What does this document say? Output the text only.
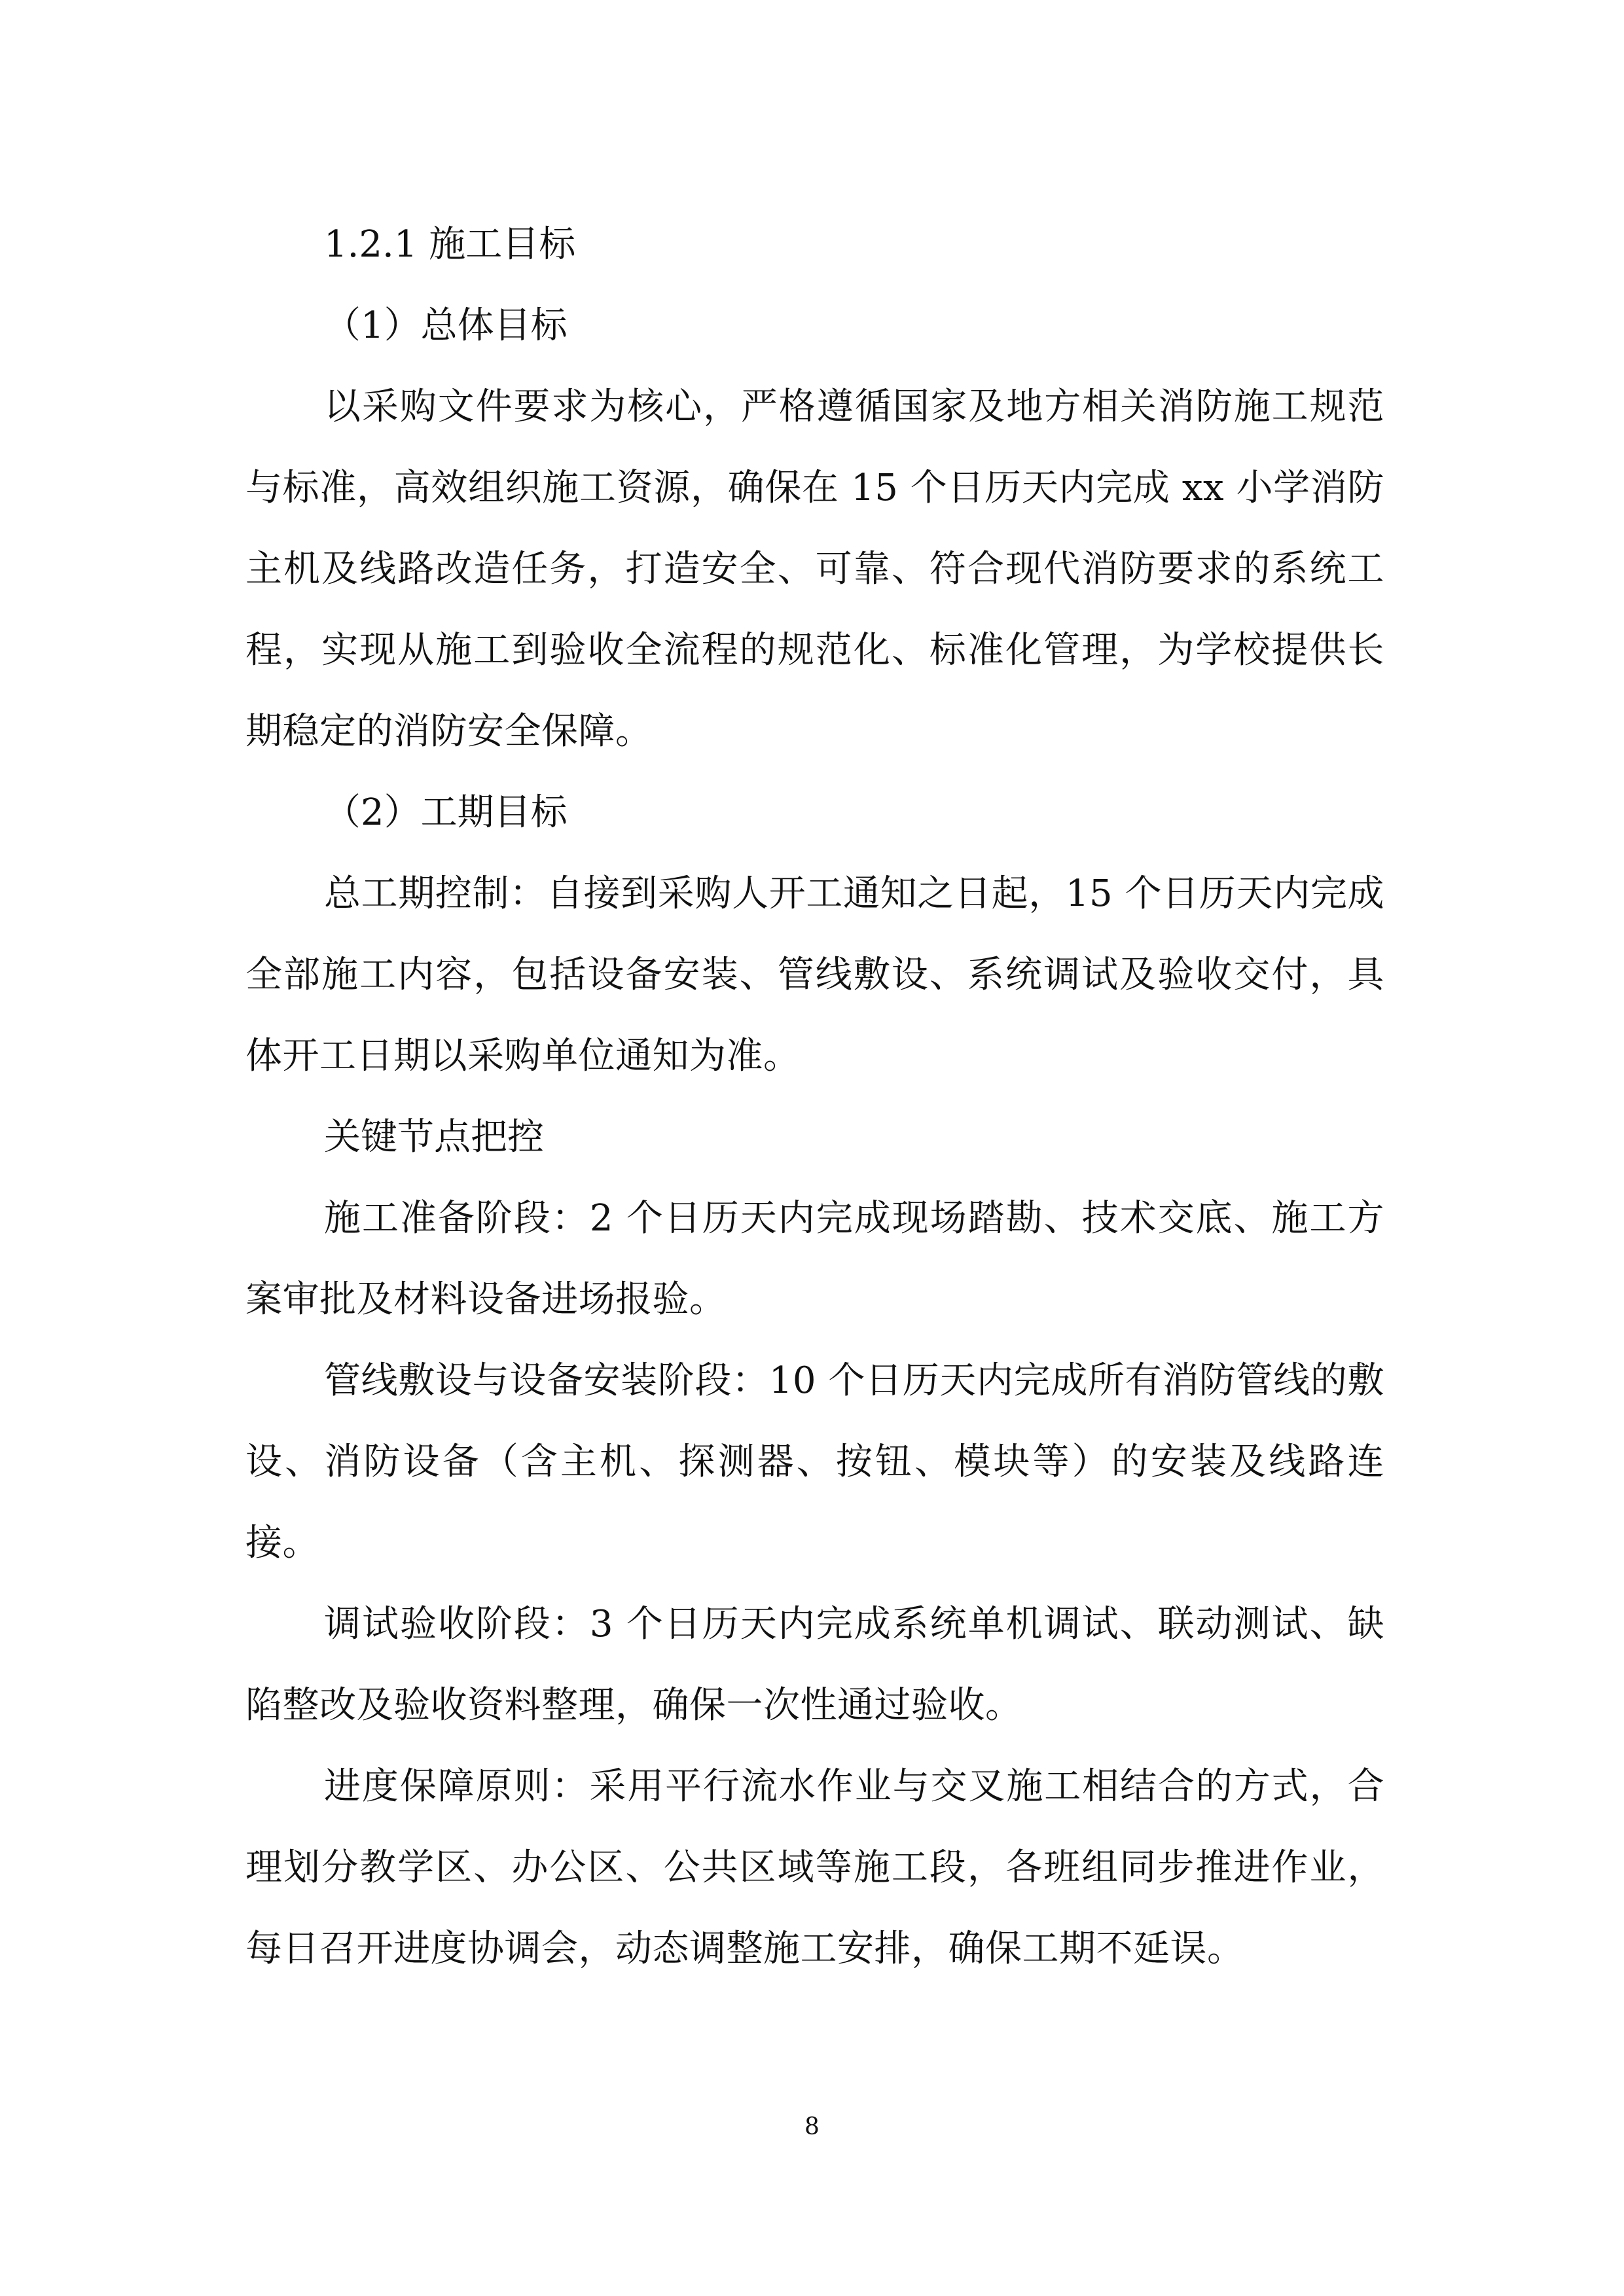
1.2.1 施工目标

（1）总体目标

以采购文件要求为核心，严格遵循国家及地方相关消防施工规范与标准，高效组织施工资源，确保在 15 个日历天内完成 xx 小学消防主机及线路改造任务，打造安全、可靠、符合现代消防要求的系统工程，实现从施工到验收全流程的规范化、标准化管理，为学校提供长期稳定的消防安全保障。

（2）工期目标

总工期控制：自接到采购人开工通知之日起，15 个日历天内完成全部施工内容，包括设备安装、管线敷设、系统调试及验收交付，具体开工日期以采购单位通知为准。

关键节点把控

施工准备阶段：2 个日历天内完成现场踏勘、技术交底、施工方案审批及材料设备进场报验。

管线敷设与设备安装阶段：10 个日历天内完成所有消防管线的敷设、消防设备（含主机、探测器、按钮、模块等）的安装及线路连接。

调试验收阶段：3 个日历天内完成系统单机调试、联动测试、缺陷整改及验收资料整理，确保一次性通过验收。

进度保障原则：采用平行流水作业与交叉施工相结合的方式，合理划分教学区、办公区、公共区域等施工段，各班组同步推进作业，每日召开进度协调会，动态调整施工安排，确保工期不延误。

8
